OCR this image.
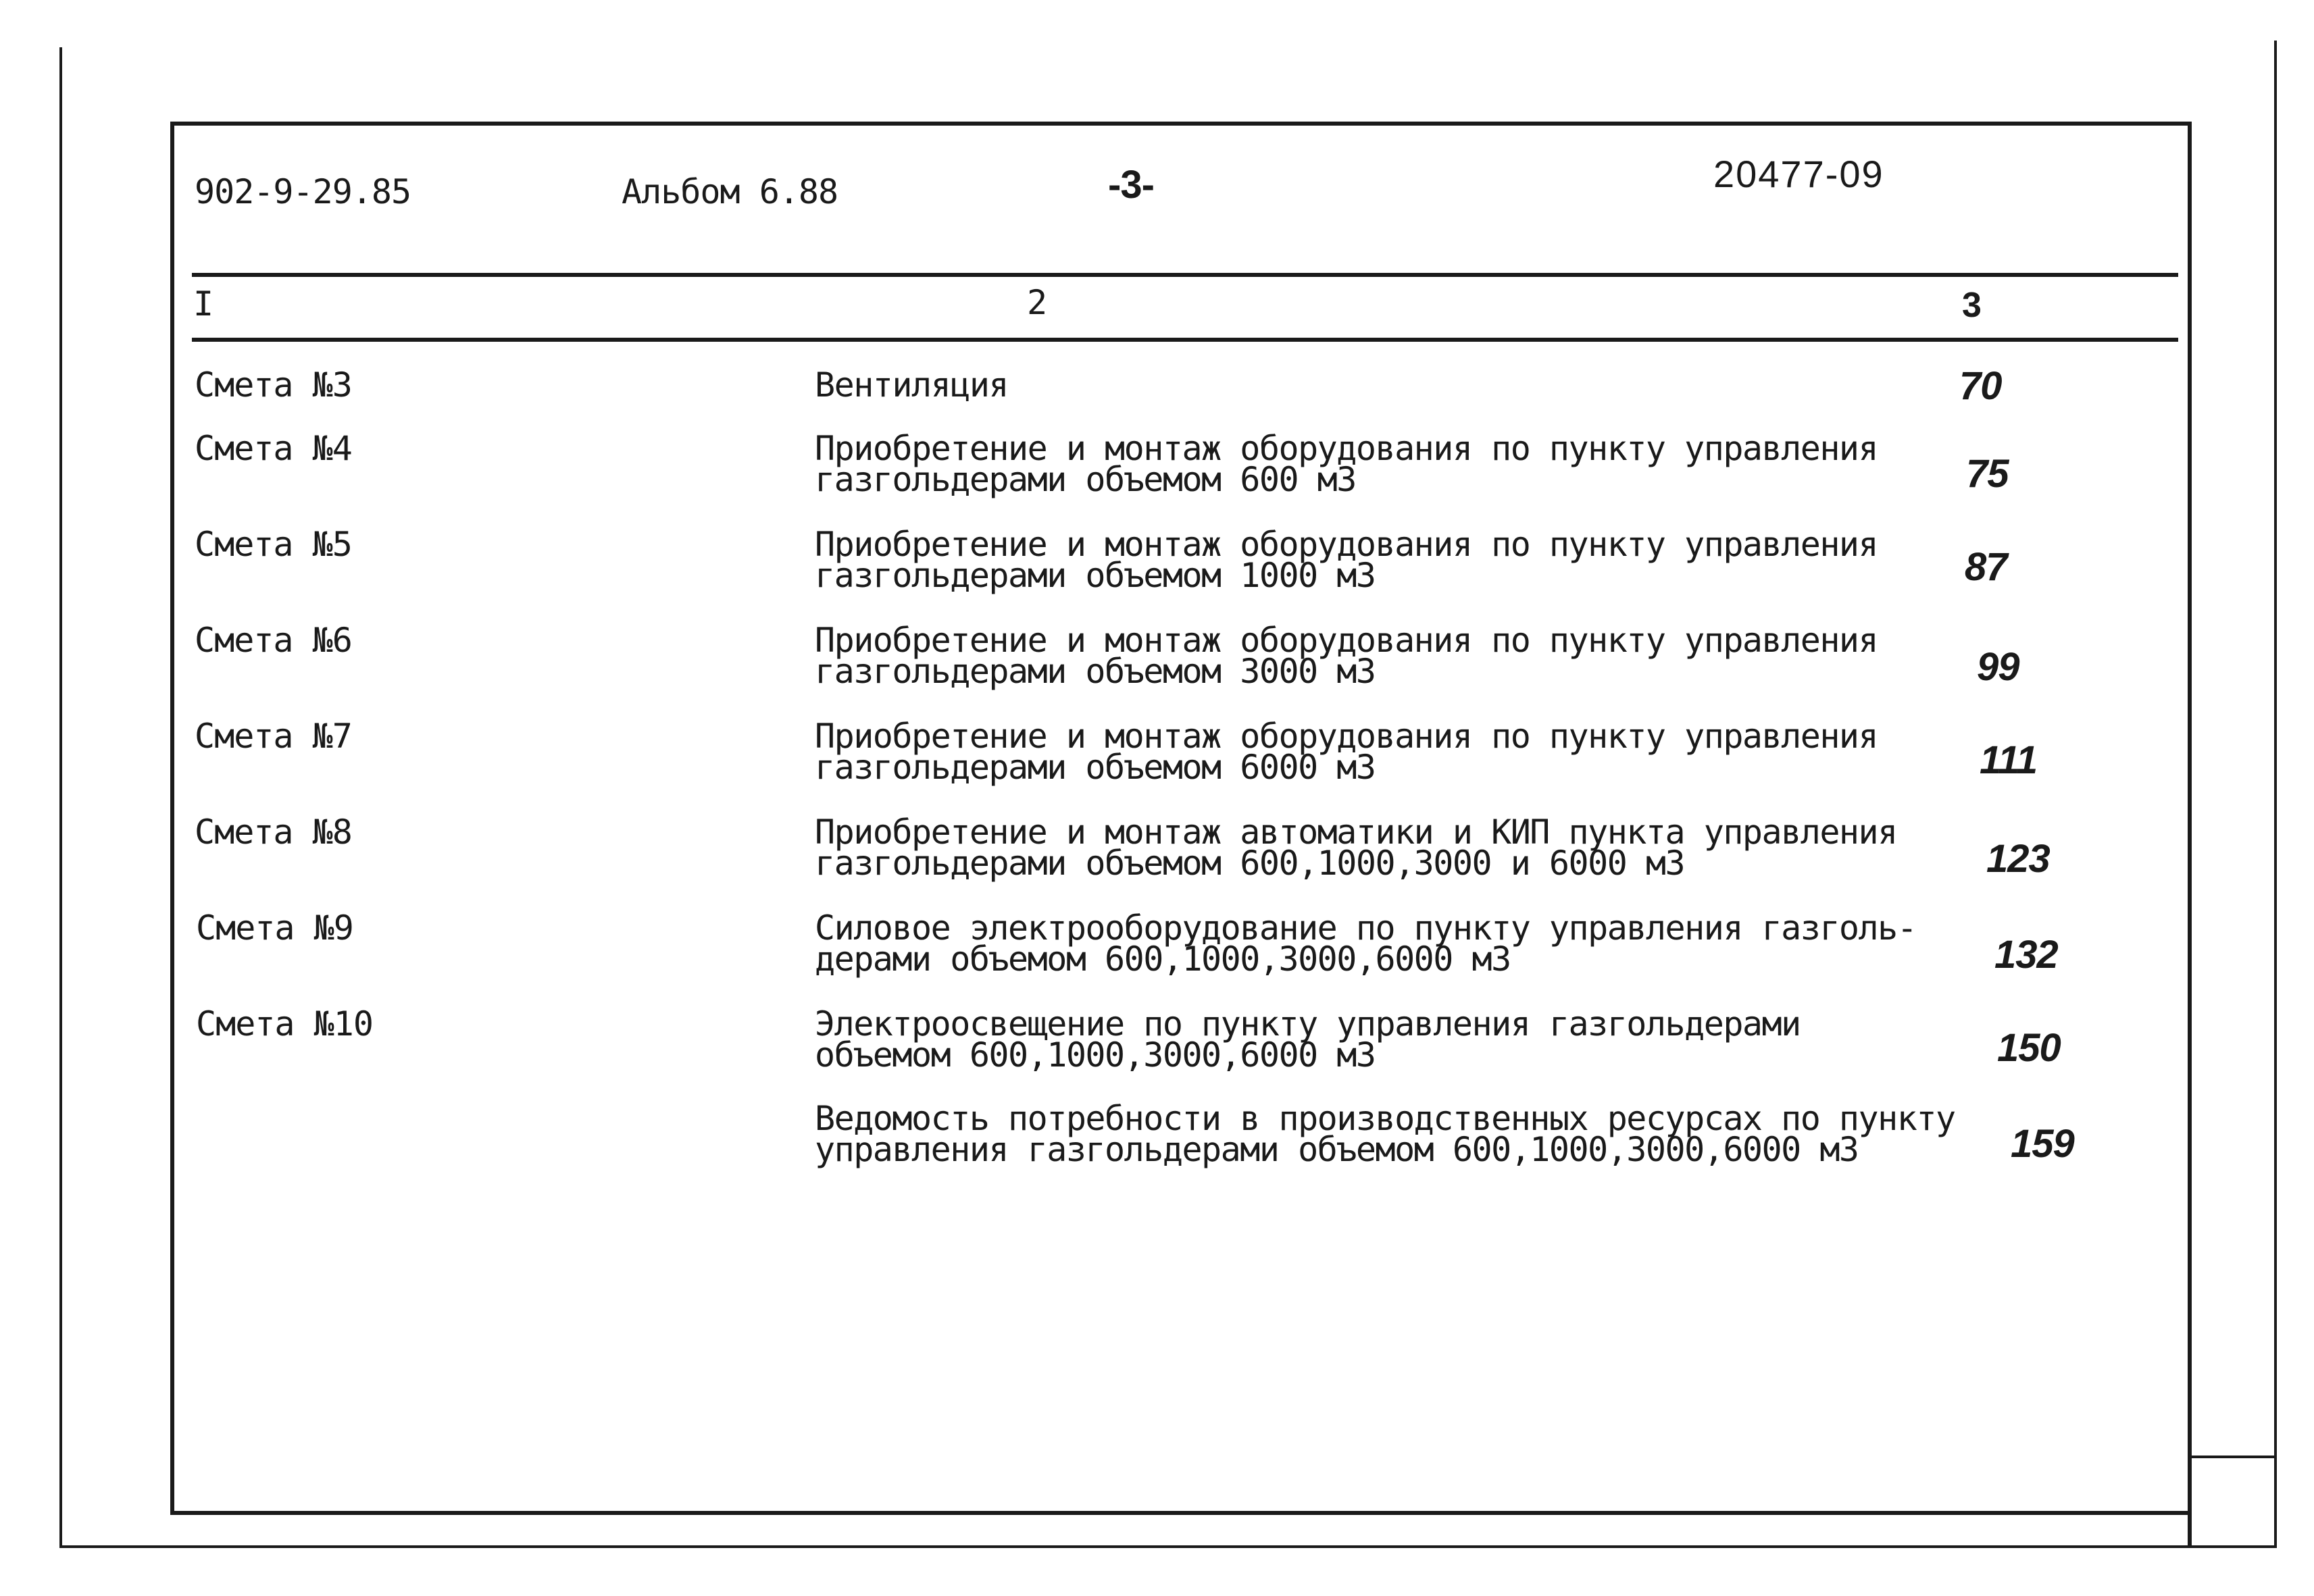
902-9-29.85	Альбом 6.88	-3-	20477-09
I	2	3
Смета №3	Вентиляция	70
Смета №4	Приобретение и монтаж оборудования по пункту управления
газгольдерами объемом 600 м3	75
Смета №5	Приобретение и монтаж оборудования по пункту управления
газгольдерами объемом 1000 м3	87
Смета №6	Приобретение и монтаж оборудования по пункту управления
газгольдерами объемом 3000 м3	99
Смета №7	Приобретение и монтаж оборудования по пункту управления
газгольдерами объемом 6000 м3	111
Смета №8	Приобретение и монтаж автоматики и КИП пункта управления
газгольдерами объемом 600,1000,3000 и 6000 м3	123
Смета №9	Силовое электрооборудование по пункту управления газголь-
дерами объемом 600,1000,3000,6000 м3	132
Смета №10	Электроосвещение по пункту управления газгольдерами
объемом 600,1000,3000,6000 м3	150
Ведомость потребности в производственных ресурсах по пункту
управления газгольдерами объемом 600,1000,3000,6000 м3	159
